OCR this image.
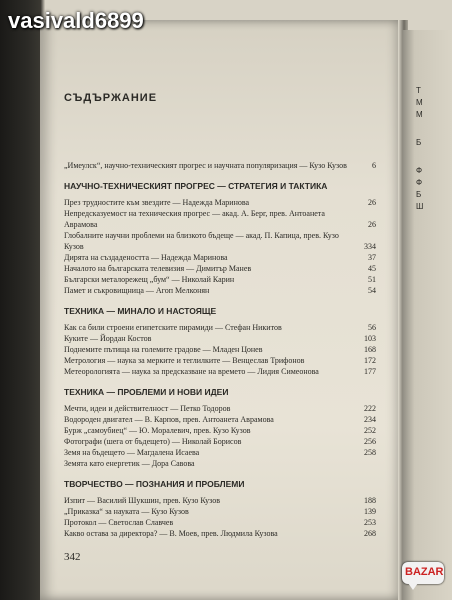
Т
М
М
Б
Ф
Ф
Б
Ш
СЪДЪРЖАНИЕ
„Имеулск“, научно-техническият прогрес и научната популяризация — Кузо Кузов	6
НАУЧНО-ТЕХНИЧЕСКИЯТ ПРОГРЕС — СТРАТЕГИЯ И ТАКТИКА
През трудностите към звездите — Надежда Маринова	26
Непредсказуемост на техническия прогрес — акад. А. Берг, прев. Антоанета Аврамова	26
Глобалните научни проблеми на близкото бъдеще — акад. П. Капица, прев. Кузо Кузов	334
Дирята на създадеността — Надежда Маринова	37
Началото на българската телевизия — Димитър Манев	45
Български металорежещ „бум“ — Николай Карин	51
Памет и съкровищница — Агоп Мелконян	54
ТЕХНИКА — МИНАЛО И НАСТОЯЩЕ
Как са били строени египетските пирамиди — Стефан Никитов	56
Куките — Йордан Костов	103
Поднемите пътища на големите градове — Младен Цонев	168
Метрология — наука за мерките и теглилките — Венцеслав Трифонов	172
Метеорологията — наука за предсказване на времето — Лидия Симеонова	177
ТЕХНИКА — ПРОБЛЕМИ И НОВИ ИДЕИ
Мечти, идеи и действителност — Петко Тодоров	222
Водороден двигател — В. Карпов, прев. Антоанета Аврамова	234
Бурж „самоубиец“ — Ю. Моралевич, прев. Кузо Кузов	252
Фотографи (шега от бъдещето) — Николай Борисов	256
Земя на бъдещето — Магдалена Исаева	258
Земята като енергетик — Дора Савова
ТВОРЧЕСТВО — ПОЗНАНИЯ И ПРОБЛЕМИ
Изпит — Василий Шукшин, прев. Кузо Кузов	188
„Приказка“ за науката — Кузо Кузов	139
Протокол — Светослав Славчев	253
Какво остава за директора? — В. Моев, прев. Людмила Кузова	268
342
vasivald6899
BAZAR
